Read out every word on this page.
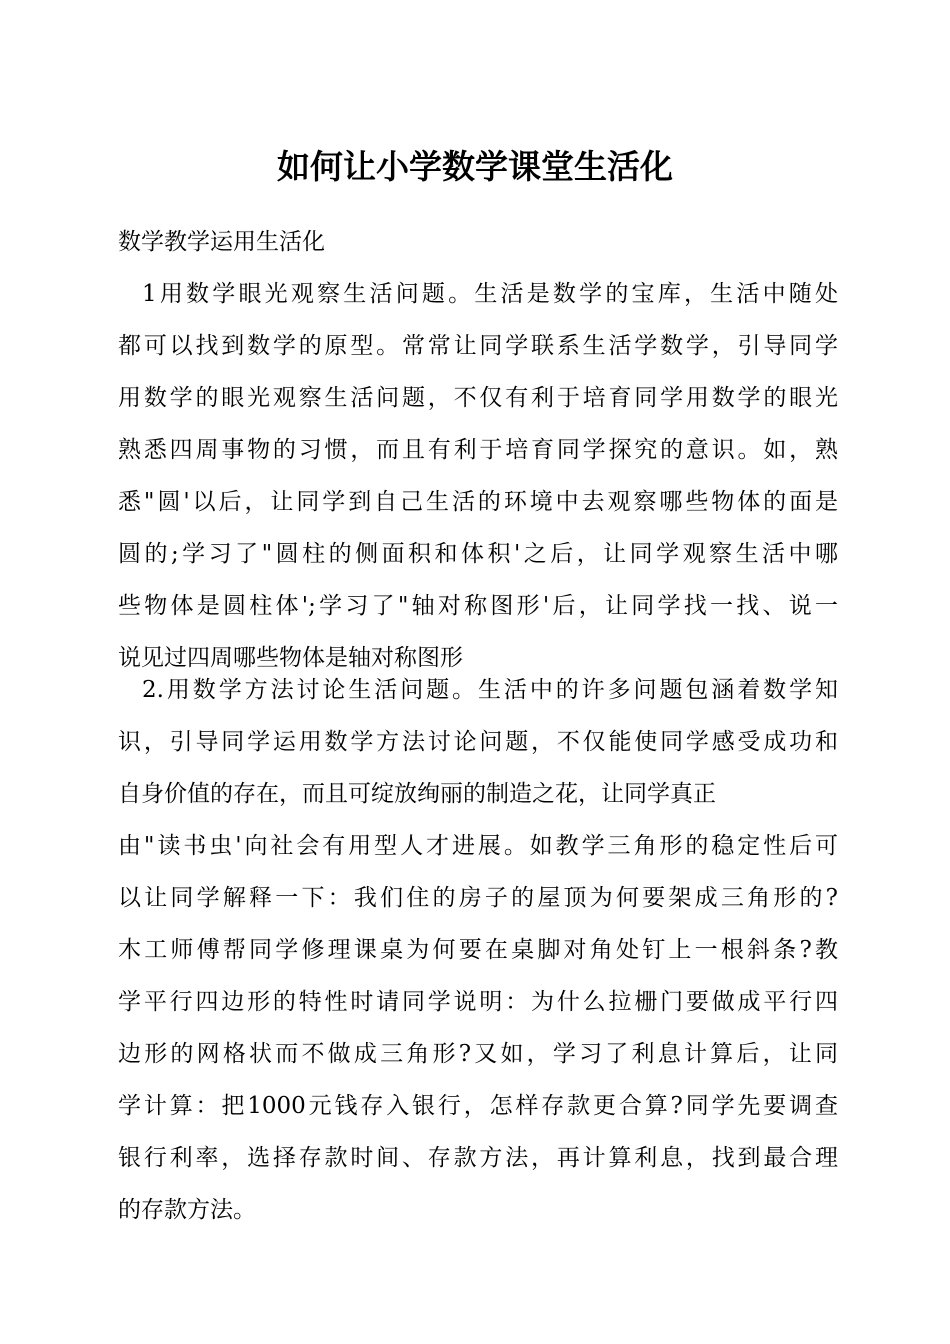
如何让小学数学课堂生活化

数学教学运用生活化

1用数学眼光观察生活问题。生活是数学的宝库，生活中随处
都可以找到数学的原型。常常让同学联系生活学数学，引导同学
用数学的眼光观察生活问题，不仅有利于培育同学用数学的眼光
熟悉四周事物的习惯，而且有利于培育同学探究的意识。如，熟
悉"圆'以后，让同学到自己生活的环境中去观察哪些物体的面是
圆的;学习了"圆柱的侧面积和体积'之后，让同学观察生活中哪
些物体是圆柱体';学习了"轴对称图形'后，让同学找一找、说一
说见过四周哪些物体是轴对称图形
2.用数学方法讨论生活问题。生活中的许多问题包涵着数学知
识，引导同学运用数学方法讨论问题，不仅能使同学感受成功和
自身价值的存在，而且可绽放绚丽的制造之花，让同学真正
由"读书虫'向社会有用型人才进展。如教学三角形的稳定性后可
以让同学解释一下：我们住的房子的屋顶为何要架成三角形的?
木工师傅帮同学修理课桌为何要在桌脚对角处钉上一根斜条?教
学平行四边形的特性时请同学说明：为什么拉栅门要做成平行四
边形的网格状而不做成三角形?又如，学习了利息计算后，让同
学计算：把1000元钱存入银行，怎样存款更合算?同学先要调查
银行利率，选择存款时间、存款方法，再计算利息，找到最合理
的存款方法。
